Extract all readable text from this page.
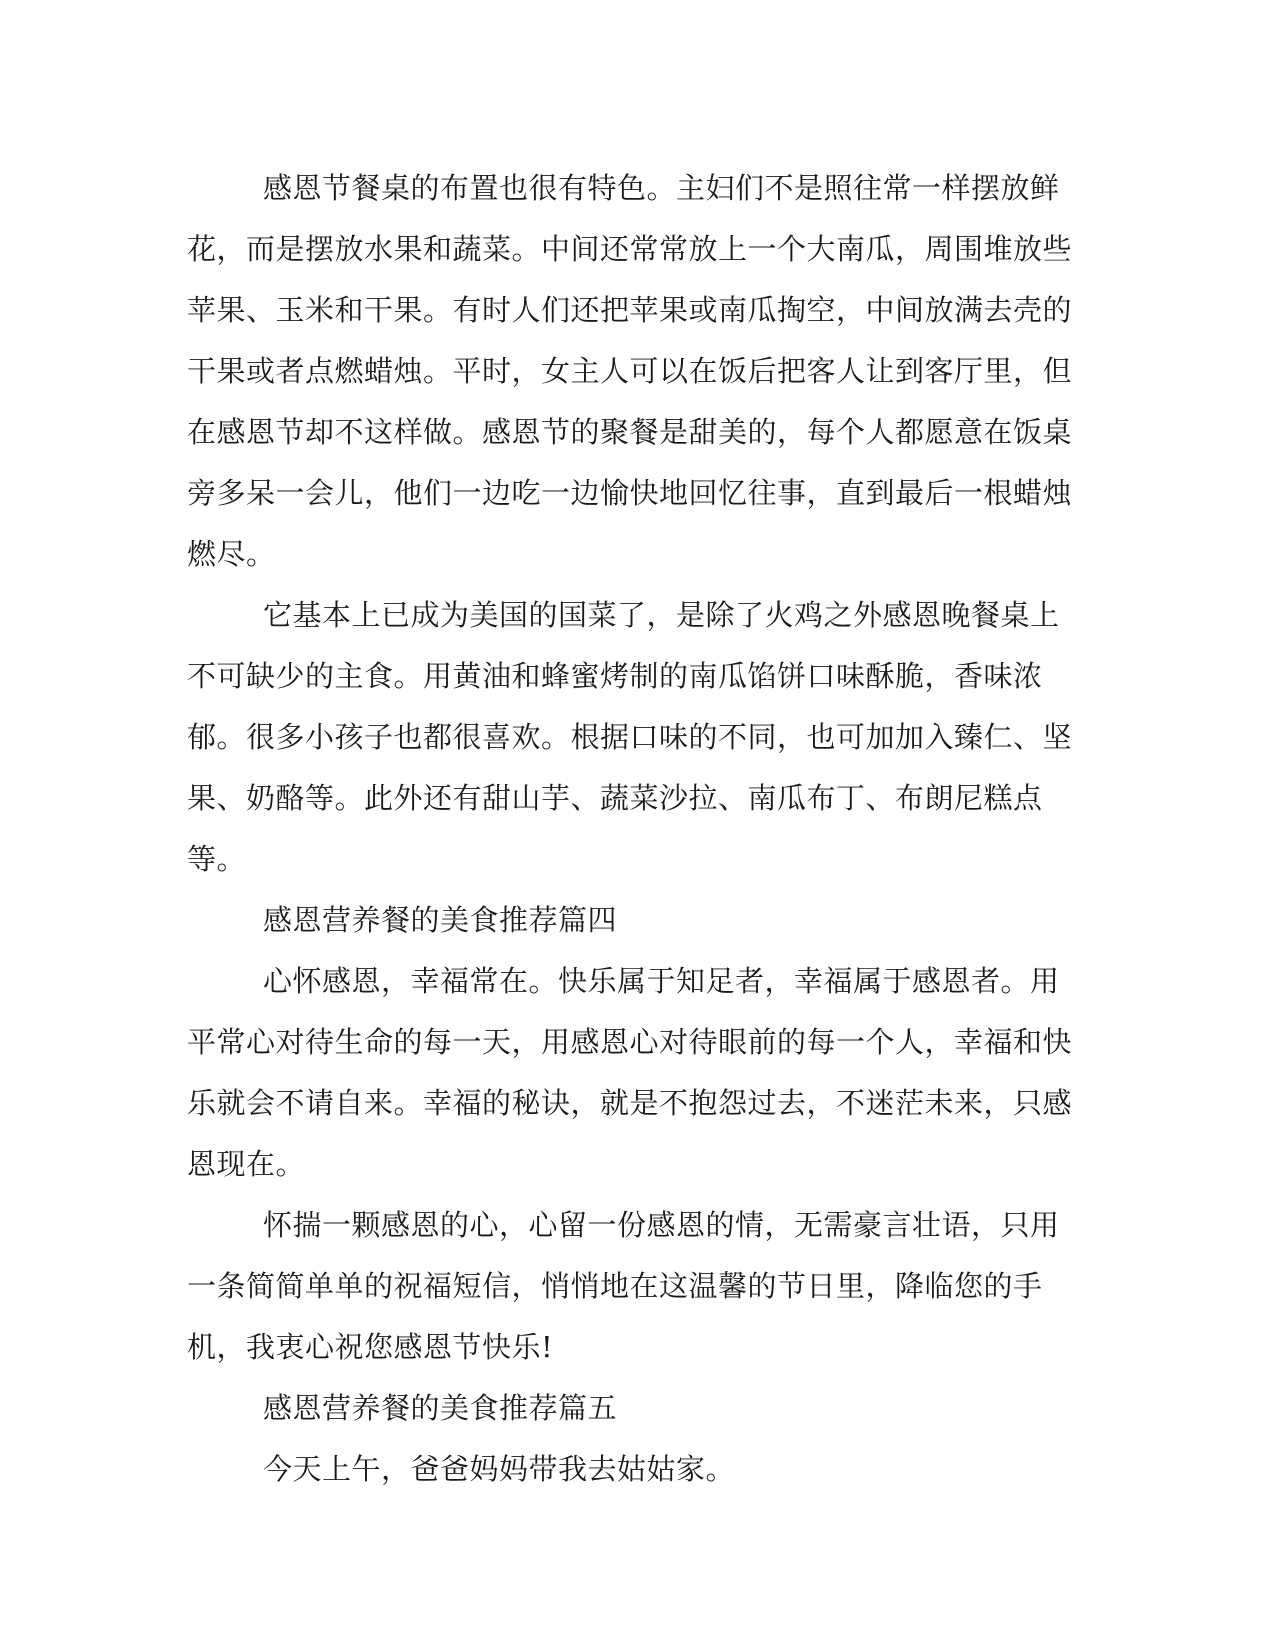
感恩节餐桌的布置也很有特色。主妇们不是照往常一样摆放鲜花，而是摆放水果和蔬菜。中间还常常放上一个大南瓜，周围堆放些苹果、玉米和干果。有时人们还把苹果或南瓜掏空，中间放满去壳的干果或者点燃蜡烛。平时，女主人可以在饭后把客人让到客厅里，但在感恩节却不这样做。感恩节的聚餐是甜美的，每个人都愿意在饭桌旁多呆一会儿，他们一边吃一边愉快地回忆往事，直到最后一根蜡烛燃尽。

它基本上已成为美国的国菜了，是除了火鸡之外感恩晚餐桌上不可缺少的主食。用黄油和蜂蜜烤制的南瓜馅饼口味酥脆，香味浓郁。很多小孩子也都很喜欢。根据口味的不同，也可加加入臻仁、坚果、奶酪等。此外还有甜山芋、蔬菜沙拉、南瓜布丁、布朗尼糕点等。

感恩营养餐的美食推荐篇四

心怀感恩，幸福常在。快乐属于知足者，幸福属于感恩者。用平常心对待生命的每一天，用感恩心对待眼前的每一个人，幸福和快乐就会不请自来。幸福的秘诀，就是不抱怨过去，不迷茫未来，只感恩现在。

怀揣一颗感恩的心，心留一份感恩的情，无需豪言壮语，只用一条简简单单的祝福短信，悄悄地在这温馨的节日里，降临您的手机，我衷心祝您感恩节快乐!

感恩营养餐的美食推荐篇五

今天上午，爸爸妈妈带我去姑姑家。
